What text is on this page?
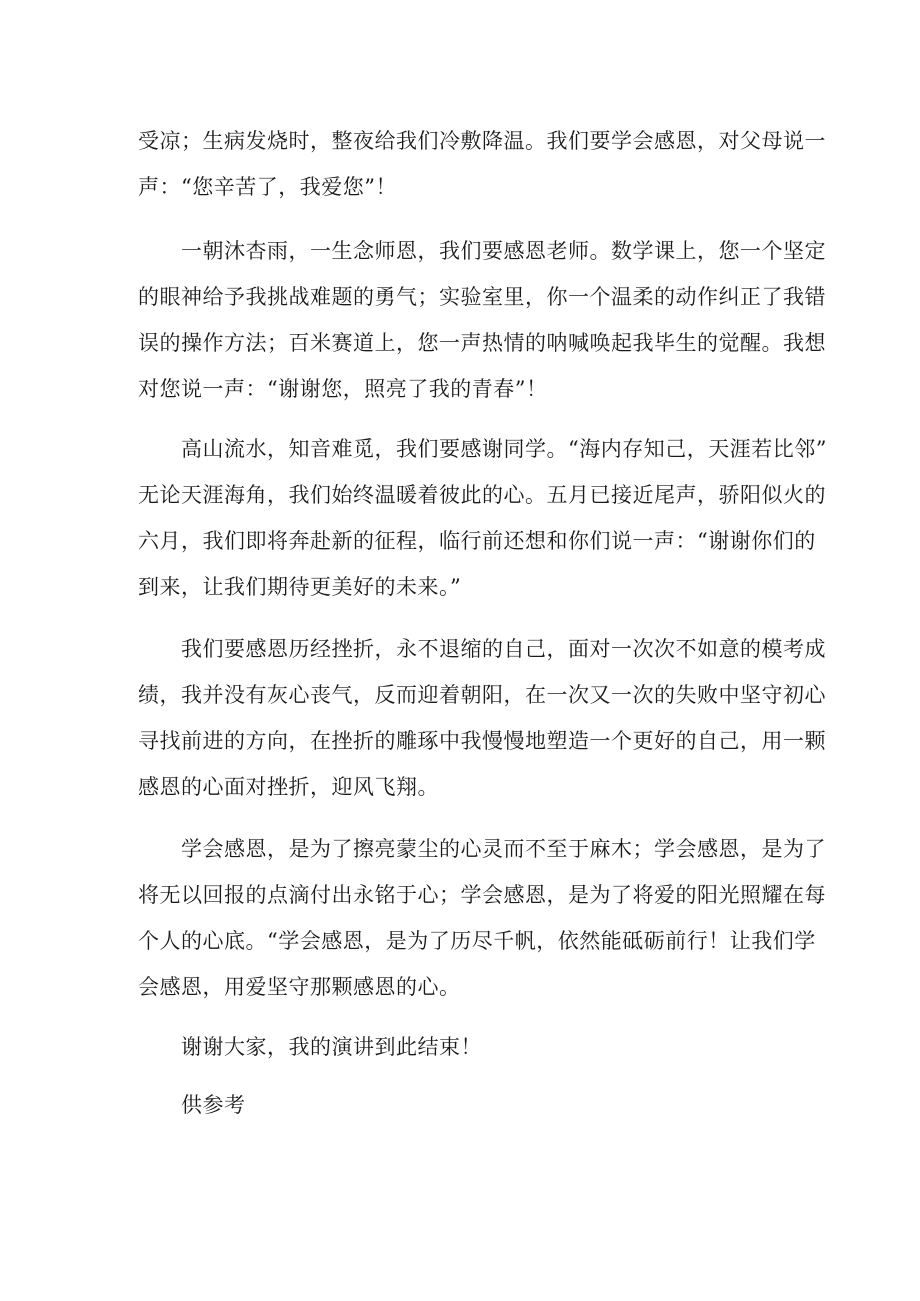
受凉；生病发烧时，整夜给我们冷敷降温。我们要学会感恩，对父母说一
声：“您辛苦了，我爱您”！

一朝沐杏雨，一生念师恩，我们要感恩老师。数学课上，您一个坚定
的眼神给予我挑战难题的勇气；实验室里，你一个温柔的动作纠正了我错
误的操作方法；百米赛道上，您一声热情的呐喊唤起我毕生的觉醒。我想
对您说一声：“谢谢您，照亮了我的青春”！

高山流水，知音难觅，我们要感谢同学。“海内存知己，天涯若比邻”
无论天涯海角，我们始终温暖着彼此的心。五月已接近尾声，骄阳似火的
六月，我们即将奔赴新的征程，临行前还想和你们说一声：“谢谢你们的
到来，让我们期待更美好的未来。”

我们要感恩历经挫折，永不退缩的自己，面对一次次不如意的模考成
绩，我并没有灰心丧气，反而迎着朝阳，在一次又一次的失败中坚守初心
寻找前进的方向，在挫折的雕琢中我慢慢地塑造一个更好的自己，用一颗
感恩的心面对挫折，迎风飞翔。

学会感恩，是为了擦亮蒙尘的心灵而不至于麻木；学会感恩，是为了
将无以回报的点滴付出永铭于心；学会感恩，是为了将爱的阳光照耀在每
个人的心底。“学会感恩，是为了历尽千帆，依然能砥砺前行！让我们学
会感恩，用爱坚守那颗感恩的心。

谢谢大家，我的演讲到此结束！

供参考
